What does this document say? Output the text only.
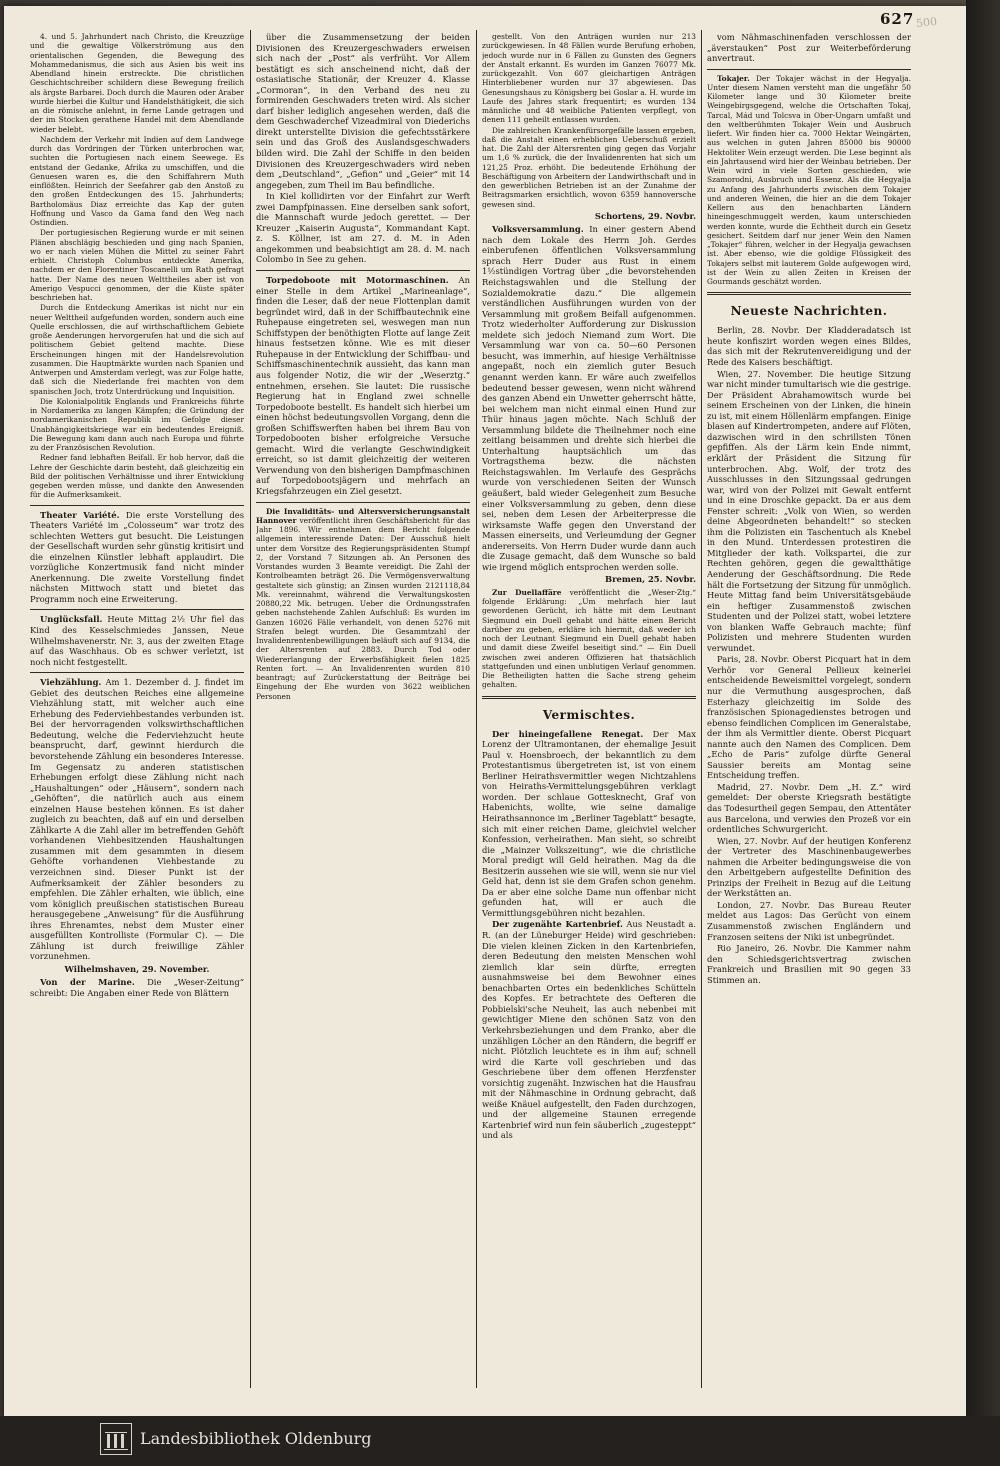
627 500

4. und 5. Jahrhundert nach Christo, die Kreuzzüge und die gewaltige Völkerströmung aus den orientalischen Gegenden, die Bewegung des Mohammedanismus, die sich aus Asien bis weit ins Abendland hinein erstreckte. Die christlichen Geschichtschreiber schildern diese Bewegung freilich als ärgste Barbarei. Doch durch die Mauren oder Araber wurde hierbei die Kultur und Handelsthätigkeit, die sich an die römische anlehnt, in ferne Lande getragen und der im Stocken gerathene Handel mit dem Abendlande wieder belebt.

Nachdem der Verkehr mit Indien auf dem Landwege durch das Vordringen der Türken unterbrochen war, suchten die Portugiesen nach einem Seewege. Es entstand der Gedanke, Afrika zu umschiffen, und die Genuesen waren es, die den Schiffahrern Muth einflößten. Heinrich der Seefahrer gab den Anstoß zu den großen Entdeckungen des 15. Jahrhunderts; Bartholomäus Diaz erreichte das Kap der guten Hoffnung und Vasco da Gama fand den Weg nach Ostindien.

Der portugiesischen Regierung wurde er mit seinen Plänen abschlägig beschieden und ging nach Spanien, wo er nach vielen Mühen die Mittel zu seiner Fahrt erhielt. Christoph Columbus entdeckte Amerika, nachdem er den Florentiner Toscanelli um Rath gefragt hatte. Der Name des neuen Welttheiles aber ist von Amerigo Vespucci genommen, der die Küste später beschrieben hat.

Durch die Entdeckung Amerikas ist nicht nur ein neuer Welttheil aufgefunden worden, sondern auch eine Quelle erschlossen, die auf wirthschaftlichem Gebiete große Aenderungen hervorgerufen hat und die sich auf politischem Gebiet geltend machte. Diese Erscheinungen hingen mit der Handelsrevolution zusammen. Die Hauptmärkte wurden nach Spanien und Antwerpen und Amsterdam verlegt, was zur Folge hatte, daß sich die Niederlande frei machten von dem spanischen Joch, trotz Unterdrückung und Inquisition.

Die Kolonialpolitik Englands und Frankreichs führte in Nordamerika zu langen Kämpfen; die Gründung der nordamerikanischen Republik im Gefolge dieser Unabhängigkeitskriege war ein bedeutendes Ereigniß. Die Bewegung kam dann auch nach Europa und führte zu der Französischen Revolution.

Redner fand lebhaften Beifall. Er hob hervor, daß die Lehre der Geschichte darin besteht, daß gleichzeitig ein Bild der politischen Verhältnisse und ihrer Entwicklung gegeben werden müsse, und dankte den Anwesenden für die Aufmerksamkeit.

Theater Variété. Die erste Vorstellung des Theaters Variété im „Colosseum“ war trotz des schlechten Wetters gut besucht. Die Leistungen der Gesellschaft wurden sehr günstig kritisirt und die einzelnen Künstler lebhaft applaudirt. Die vorzügliche Konzertmusik fand nicht minder Anerkennung. Die zweite Vorstellung findet nächsten Mittwoch statt und bietet das Programm noch eine Erweiterung.

Unglücksfall. Heute Mittag 2½ Uhr fiel das Kind des Kesselschmiedes Janssen, Neue Wilhelmshavenerstr. Nr. 3, aus der zweiten Etage auf das Waschhaus. Ob es schwer verletzt, ist noch nicht festgestellt.

Viehzählung. Am 1. Dezember d. J. findet im Gebiet des deutschen Reiches eine allgemeine Viehzählung statt, mit welcher auch eine Erhebung des Federviehbestandes verbunden ist. Bei der hervorragenden volkswirthschaftlichen Bedeutung, welche die Federviehzucht heute beansprucht, darf, gewinnt hierdurch die bevorstehende Zählung ein besonderes Interesse. Im Gegensatz zu anderen statistischen Erhebungen erfolgt diese Zählung nicht nach „Haushaltungen“ oder „Häusern“, sondern nach „Gehöften“, die natürlich auch aus einem einzelnen Hause bestehen können. Es ist daher zugleich zu beachten, daß auf ein und derselben Zählkarte A die Zahl aller im betreffenden Gehöft vorhandenen Viehbesitzenden Haushaltungen zusammen mit dem gesammten in diesem Gehöfte vorhandenen Viehbestande zu verzeichnen sind. Dieser Punkt ist der Aufmerksamkeit der Zähler besonders zu empfehlen. Die Zähler erhalten, wie üblich, eine vom königlich preußischen statistischen Bureau herausgegebene „Anweisung“ für die Ausführung ihres Ehrenamtes, nebst dem Muster einer ausgefüllten Kontrolliste (Formular C). — Die Zählung ist durch freiwillige Zähler vorzunehmen.

Wilhelmshaven, 29. November.

Von der Marine. Die „Weser-Zeitung“ schreibt: Die Angaben einer Rede von Blättern

über die Zusammensetzung der beiden Divisionen des Kreuzergeschwaders erweisen sich nach der „Post“ als verfrüht. Vor Allem bestätigt es sich anscheinend nicht, daß der ostasiatische Stationär, der Kreuzer 4. Klasse „Cormoran“, in den Verband des neu zu formirenden Geschwaders treten wird. Als sicher darf bisher lediglich angesehen werden, daß die dem Geschwaderchef Vizeadmiral von Diederichs direkt unterstellte Division die gefechtsstärkere sein und das Groß des Auslandsgeschwaders bilden wird. Die Zahl der Schiffe in den beiden Divisionen des Kreuzergeschwaders wird neben dem „Deutschland“, „Gefion“ und „Geier“ mit 14 angegeben, zum Theil im Bau befindliche.

In Kiel kollidirten vor der Einfahrt zur Werft zwei Dampfpinassen. Eine derselben sank sofort, die Mannschaft wurde jedoch gerettet. — Der Kreuzer „Kaiserin Augusta“, Kommandant Kapt. z. S. Köllner, ist am 27. d. M. in Aden angekommen und beabsichtigt am 28. d. M. nach Colombo in See zu gehen.

Torpedoboote mit Motormaschinen. An einer Stelle in dem Artikel „Marineanlage“, finden die Leser, daß der neue Flottenplan damit begründet wird, daß in der Schiffbautechnik eine Ruhepause eingetreten sei, weswegen man nun Schiffstypen der benöthigten Flotte auf lange Zeit hinaus festsetzen könne. Wie es mit dieser Ruhepause in der Entwicklung der Schiffbau- und Schiffsmaschinentechnik aussieht, das kann man aus folgender Notiz, die wir der „Weserztg.“ entnehmen, ersehen. Sie lautet: Die russische Regierung hat in England zwei schnelle Torpedoboote bestellt. Es handelt sich hierbei um einen höchst bedeutungsvollen Vorgang, denn die großen Schiffswerften haben bei ihrem Bau von Torpedobooten bisher erfolgreiche Versuche gemacht. Wird die verlangte Geschwindigkeit erreicht, so ist damit gleichzeitig der weiteren Verwendung von den bisherigen Dampfmaschinen auf Torpedobootsjägern und mehrfach an Kriegsfahrzeugen ein Ziel gesetzt.

Die Invaliditäts- und Altersversicherungsanstalt Hannover veröffentlicht ihren Geschäftsbericht für das Jahr 1896. Wir entnehmen dem Bericht folgende allgemein interessirende Daten: Der Ausschuß hielt unter dem Vorsitze des Regierungspräsidenten Stumpf 2, der Vorstand 7 Sitzungen ab. An Personen des Vorstandes wurden 3 Beamte vereidigt. Die Zahl der Kontrolbeamten beträgt 26. Die Vermögensverwaltung gestaltete sich günstig; an Zinsen wurden 2121118,84 Mk. vereinnahmt, während die Verwaltungskosten 20880,22 Mk. betrugen. Ueber die Ordnungsstrafen geben nachstehende Zahlen Aufschluß: Es wurden im Ganzen 16026 Fälle verhandelt, von denen 5276 mit Strafen belegt wurden. Die Gesammtzahl der Invalidenrentenbewilligungen beläuft sich auf 9134, die der Altersrenten auf 2883. Durch Tod oder Wiedererlangung der Erwerbsfähigkeit fielen 1825 Renten fort. — An Invalidenrenten wurden 810 beantragt; auf Zurückerstattung der Beiträge bei Eingehung der Ehe wurden von 3622 weiblichen Personen

gestellt. Von den Anträgen wurden nur 213 zurückgewiesen. In 48 Fällen wurde Berufung erhoben, jedoch wurde nur in 6 Fällen zu Gunsten des Gegners der Anstalt erkannt. Es wurden im Ganzen 76077 Mk. zurückgezahlt. Von 607 gleichartigen Anträgen Hinterbliebener wurden nur 37 abgewiesen. Das Genesungshaus zu Königsberg bei Goslar a. H. wurde im Laufe des Jahres stark frequentirt; es wurden 134 männliche und 48 weibliche Patienten verpflegt, von denen 111 geheilt entlassen wurden.

Die zahlreichen Krankenfürsorgefälle lassen ergeben, daß die Anstalt einen erheblichen Ueberschuß erzielt hat. Die Zahl der Altersrenten ging gegen das Vorjahr um 1,6 % zurück, die der Invalidenrenten hat sich um 121,25 Proz. erhöht. Die bedeutende Erhöhung der Beschäftigung von Arbeitern der Landwirthschaft und in den gewerblichen Betrieben ist an der Zunahme der Beitragsmarken ersichtlich, wovon 6359 hannoversche gewesen sind.

Schortens, 29. Novbr.

Volksversammlung. In einer gestern Abend nach dem Lokale des Herrn Joh. Gerdes einberufenen öffentlichen Volksversammlung sprach Herr Duder aus Rust in einem 1½stündigen Vortrag über „die bevorstehenden Reichstagswahlen und die Stellung der Sozialdemokratie dazu.“ Die allgemein verständlichen Ausführungen wurden von der Versammlung mit großem Beifall aufgenommen. Trotz wiederholter Aufforderung zur Diskussion meldete sich jedoch Niemand zum Wort. Die Versammlung war von ca. 50—60 Personen besucht, was immerhin, auf hiesige Verhältnisse angepaßt, noch ein ziemlich guter Besuch genannt werden kann. Er wäre auch zweifellos bedeutend besser gewesen, wenn nicht während des ganzen Abend ein Unwetter geherrscht hätte, bei welchem man nicht einmal einen Hund zur Thür hinaus jagen möchte. Nach Schluß der Versammlung bildete die Theilnehmer noch eine zeitlang beisammen und drehte sich hierbei die Unterhaltung hauptsächlich um das Vortragsthema bezw. die nächsten Reichstagswahlen. Im Verlaufe des Gesprächs wurde von verschiedenen Seiten der Wunsch geäußert, bald wieder Gelegenheit zum Besuche einer Volksversammlung zu geben, denn diese sei, neben dem Lesen der Arbeiterpresse die wirksamste Waffe gegen den Unverstand der Massen einerseits, und Verleumdung der Gegner andererseits. Von Herrn Duder wurde dann auch die Zusage gemacht, daß dem Wunsche so bald wie irgend möglich entsprochen werden solle.

Bremen, 25. Novbr.

Zur Duellaffäre veröffentlicht die „Weser-Ztg.“ folgende Erklärung: „Um mehrfach hier laut gewordenen Gerücht, ich hätte mit dem Leutnant Siegmund ein Duell gehabt und hätte einen Bericht darüber zu geben, erkläre ich hiermit, daß weder ich noch der Leutnant Siegmund ein Duell gehabt haben und damit diese Zweifel beseitigt sind.“ — Ein Duell zwischen zwei anderen Offizieren hat thatsächlich stattgefunden und einen unblutigen Verlauf genommen. Die Betheiligten hatten die Sache streng geheim gehalten.

Vermischtes.

Der hineingefallene Renegat. Der Max Lorenz der Ultramontanen, der ehemalige Jesuit Paul v. Hoensbroech, der bekanntlich zu dem Protestantismus übergetreten ist, ist von einem Berliner Heirathsvermittler wegen Nichtzahlens von Heiraths-Vermittelungsgebühren verklagt worden. Der schlaue Gottesknecht, Graf von Habenichts, wollte, wie seine damalige Heirathsannonce im „Berliner Tageblatt“ besagte, sich mit einer reichen Dame, gleichviel welcher Konfession, verheirathen. Man sieht, so schreibt die „Mainzer Volkszeitung“, wie die christliche Moral predigt will Geld heirathen. Mag da die Besitzerin aussehen wie sie will, wenn sie nur viel Geld hat, denn ist sie dem Grafen schon genehm. Da er aber eine solche Dame nun offenbar nicht gefunden hat, will er auch die Vermittlungsgebühren nicht bezahlen.

Der zugenähte Kartenbrief. Aus Neustadt a. R. (an der Lüneburger Heide) wird geschrieben: Die vielen kleinen Zicken in den Kartenbriefen, deren Bedeutung den meisten Menschen wohl ziemlich klar sein dürfte, erregten ausnahmsweise bei dem Bewohner eines benachbarten Ortes ein bedenkliches Schütteln des Kopfes. Er betrachtete des Oefteren die Pobbielski'sche Neuheit, las auch nebenbei mit gewichtiger Miene den schönen Satz von den Verkehrsbeziehungen und dem Franko, aber die unzähligen Löcher an den Rändern, die begriff er nicht. Plötzlich leuchtete es in ihm auf; schnell wird die Karte voll geschrieben und das Geschriebene über dem offenen Herzfenster vorsichtig zugenäht. Inzwischen hat die Hausfrau mit der Nähmaschine in Ordnung gebracht, daß weiße Knäuel aufgestellt, den Faden durchzogen, und der allgemeine Staunen erregende Kartenbrief wird nun fein säuberlich „zugesteppt“ und als

vom Nähmaschinenfaden verschlossen der „äverstauken“ Post zur Weiterbeförderung anvertraut.

Tokajer. Der Tokajer wächst in der Hegyalja. Unter diesem Namen versteht man die ungefähr 50 Kilometer lange und 30 Kilometer breite Weingebirgsgegend, welche die Ortschaften Tokaj, Tarcal, Mád und Tolcsva in Ober-Ungarn umfaßt und den weltberühmten Tokajer Wein und Ausbruch liefert. Wir finden hier ca. 7000 Hektar Weingärten, aus welchen in guten Jahren 85000 bis 90000 Hektoliter Wein erzeugt werden. Die Lese beginnt als ein Jahrtausend wird hier der Weinbau betrieben. Der Wein wird in viele Sorten geschieden, wie Szamorodni, Ausbruch und Essenz. Als die Hegyalja zu Anfang des Jahrhunderts zwischen dem Tokajer und anderen Weinen, die hier an die dem Tokajer Kellern aus den benachbarten Ländern hineingeschmuggelt werden, kaum unterschieden werden konnte, wurde die Echtheit durch ein Gesetz gesichert. Seitdem darf nur jener Wein den Namen „Tokajer“ führen, welcher in der Hegyalja gewachsen ist. Aber ebenso, wie die goldige Flüssigkeit des Tokajers selbst mit lauterem Golde aufgewogen wird, ist der Wein zu allen Zeiten in Kreisen der Gourmands geschätzt worden.

Neueste Nachrichten.

Berlin, 28. Novbr. Der Kladderadatsch ist heute konfiszirt worden wegen eines Bildes, das sich mit der Rekrutenvereidigung und der Rede des Kaisers beschäftigt.

Wien, 27. November. Die heutige Sitzung war nicht minder tumultarisch wie die gestrige. Der Präsident Abrahamowitsch wurde bei seinem Erscheinen von der Linken, die hinein zu ist, mit einem Höllenlärm empfangen. Einige blasen auf Kindertrompeten, andere auf Flöten, dazwischen wird in den schrillsten Tönen gepfiffen. Als der Lärm kein Ende nimmt, erklärt der Präsident die Sitzung für unterbrochen. Abg. Wolf, der trotz des Ausschlusses in den Sitzungssaal gedrungen war, wird von der Polizei mit Gewalt entfernt und in eine Droschke gepackt. Da er aus dem Fenster schreit: „Volk von Wien, so werden deine Abgeordneten behandelt!“ so stecken ihm die Polizisten ein Taschentuch als Knebel in den Mund. Unterdessen protestiren die Mitglieder der kath. Volkspartei, die zur Rechten gehören, gegen die gewaltthätige Aenderung der Geschäftsordnung. Die Rede hält die Fortsetzung der Sitzung für unmöglich. Heute Mittag fand beim Universitätsgebäude ein heftiger Zusammenstoß zwischen Studenten und der Polizei statt, wobei letztere von blanken Waffe Gebrauch machte; fünf Polizisten und mehrere Studenten wurden verwundet.

Paris, 28. Novbr. Oberst Picquart hat in dem Verhör vor General Pellieux keinerlei entscheidende Beweismittel vorgelegt, sondern nur die Vermuthung ausgesprochen, daß Esterhazy gleichzeitig im Solde des französischen Spionagedienstes betrogen und ebenso feindlichen Complicen im Generalstabe, der ihm als Vermittler diente. Oberst Picquart nannte auch den Namen des Complicen. Dem „Echo de Paris“ zufolge dürfte General Saussier bereits am Montag seine Entscheidung treffen.

Madrid, 27. Novbr. Dem „H. Z.“ wird gemeldet: Der oberste Kriegsrath bestätigte das Todesurtheil gegen Sempau, den Attentäter aus Barcelona, und verwies den Prozeß vor ein ordentliches Schwurgericht.

Wien, 27. Novbr. Auf der heutigen Konferenz der Vertreter des Maschinenbaugewerbes nahmen die Arbeiter bedingungsweise die von den Arbeitgebern aufgestellte Definition des Prinzips der Freiheit in Bezug auf die Leitung der Werkstätten an.

London, 27. Novbr. Das Bureau Reuter meldet aus Lagos: Das Gerücht von einem Zusammenstoß zwischen Engländern und Franzosen seitens der Niki ist unbegründet.

Rio Janeiro, 26. Novbr. Die Kammer nahm den Schiedsgerichtsvertrag zwischen Frankreich und Brasilien mit 90 gegen 33 Stimmen an.

Landesbibliothek Oldenburg
